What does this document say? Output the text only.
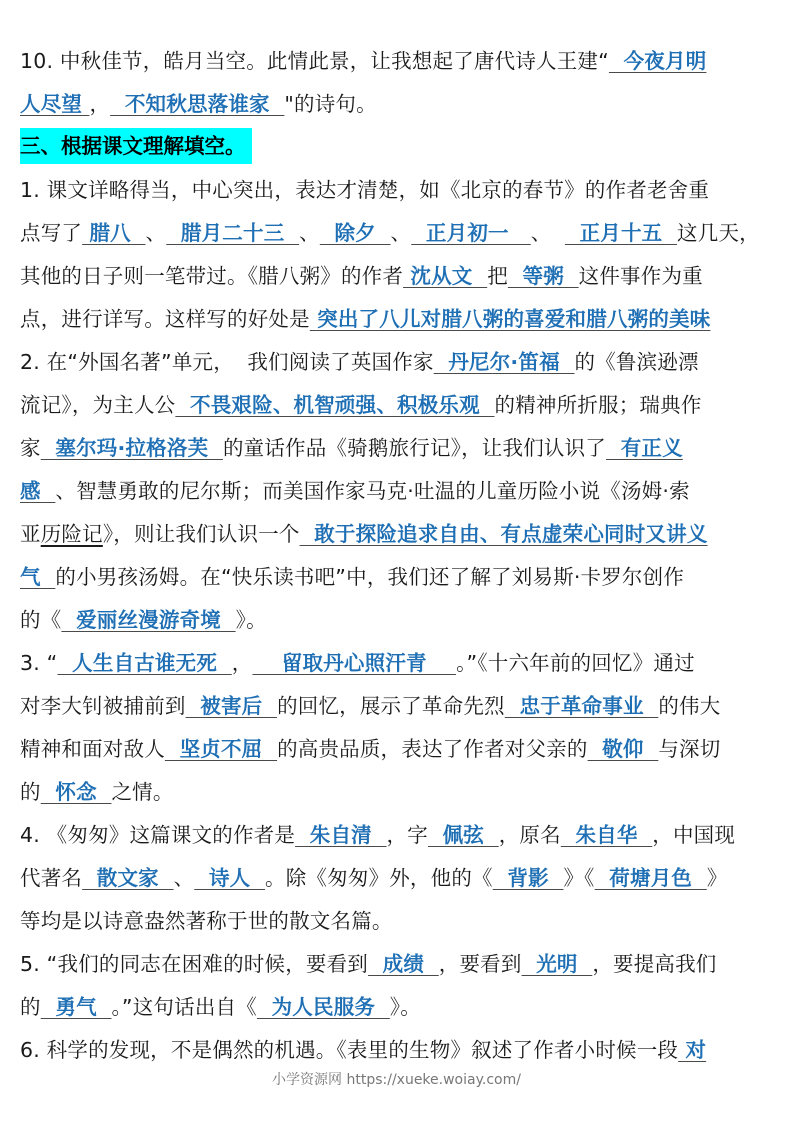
10. 中秋佳节，皓月当空。此情此景，让我想起了唐代诗人王建“  今夜月明
人尽望 ，  不知秋思落谁家  "的诗句。
三、根据课文理解填空。
1. 课文详略得当，中心突出，表达才清楚，如《北京的春节》的作者老舍重
点写了 腊八  、  腊月二十三  、  除夕  、  正月初一   、    正月十五  这几天，
其他的日子则一笔带过。《腊八粥》的作者 沈从文  把  等粥  这件事作为重
点，进行详写。这样写的好处是 突出了八儿对腊八粥的喜爱和腊八粥的美味
2. 在“外国名著”单元，  我们阅读了英国作家  丹尼尔·笛福  的《鲁滨逊漂
流记》，为主人公  不畏艰险、机智顽强、积极乐观  的精神所折服；瑞典作
家  塞尔玛·拉格洛芙  的童话作品《骑鹅旅行记》，让我们认识了  有正义
感  、智慧勇敢的尼尔斯；而美国作家马克·吐温的儿童历险小说《汤姆·索
亚历险记》，则让我们认识一个  敢于探险追求自由、有点虚荣心同时又讲义
气  的小男孩汤姆。在“快乐读书吧”中，我们还了解了刘易斯·卡罗尔创作
的《  爱丽丝漫游奇境  》。
3. “  人生自古谁无死  ，    留取丹心照汗青    。”《十六年前的回忆》通过
对李大钊被捕前到  被害后  的回忆，展示了革命先烈  忠于革命事业  的伟大
精神和面对敌人  坚贞不屈  的高贵品质，表达了作者对父亲的  敬仰  与深切
的  怀念  之情。
4. 《匆匆》这篇课文的作者是  朱自清  ，字  佩弦  ，原名  朱自华  ，中国现
代著名  散文家  、  诗人  。除《匆匆》外，他的《  背影  》《  荷塘月色  》
等均是以诗意盎然著称于世的散文名篇。
5. “我们的同志在困难的时候，要看到  成绩  ，要看到  光明  ，要提高我们
的  勇气  。”这句话出自《  为人民服务  》。
6. 科学的发现，不是偶然的机遇。《表里的生物》叙述了作者小时候一段 对
小学资源网 https://xueke.woiay.com/
